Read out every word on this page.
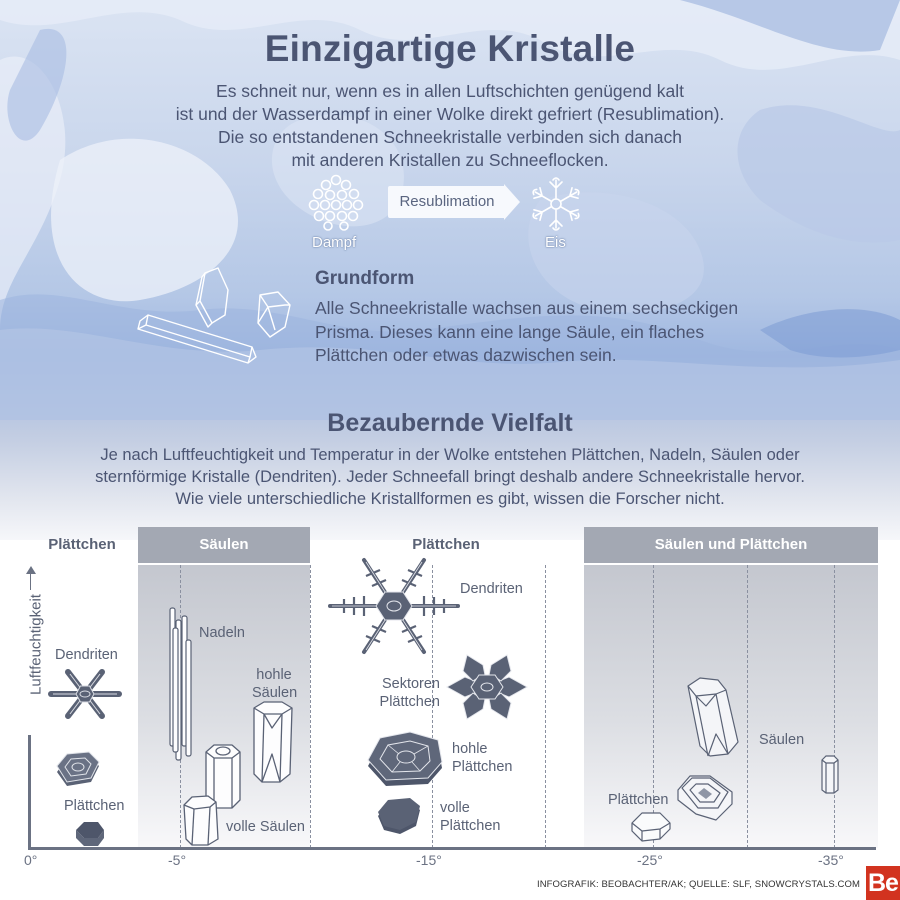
Einzigartige Kristalle
Es schneit nur, wenn es in allen Luftschichten genügend kalt
ist und der Wasserdampf in einer Wolke direkt gefriert (Resublimation).
Die so entstandenen Schneekristalle verbinden sich danach
mit anderen Kristallen zu Schneeflocken.
Dampf
Resublimation
Eis
Grundform
Alle Schneekristalle wachsen aus einem sechseckigen
Prisma. Dieses kann eine lange Säule, ein flaches
Plättchen oder etwas dazwischen sein.
Bezaubernde Vielfalt
Je nach Luftfeuchtigkeit und Temperatur in der Wolke entstehen Plättchen, Nadeln, Säulen oder
sternförmige Kristalle (Dendriten). Jeder Schneefall bringt deshalb andere Schneekristalle hervor.
Wie viele unterschiedliche Kristallformen es gibt, wissen die Forscher nicht.
Plättchen	Säulen	Plättchen	Säulen und Plättchen
Luftfeuchtigkeit
0°	-5°	-15°	-25°	-35°
Dendriten
Plättchen
Nadeln
hohle
Säulen
volle Säulen
Dendriten
Sektoren
Plättchen
hohle
Plättchen
volle
Plättchen
Säulen
Plättchen
INFOGRAFIK: BEOBACHTER/AK; QUELLE: SLF, SNOWCRYSTALS.COM Be
